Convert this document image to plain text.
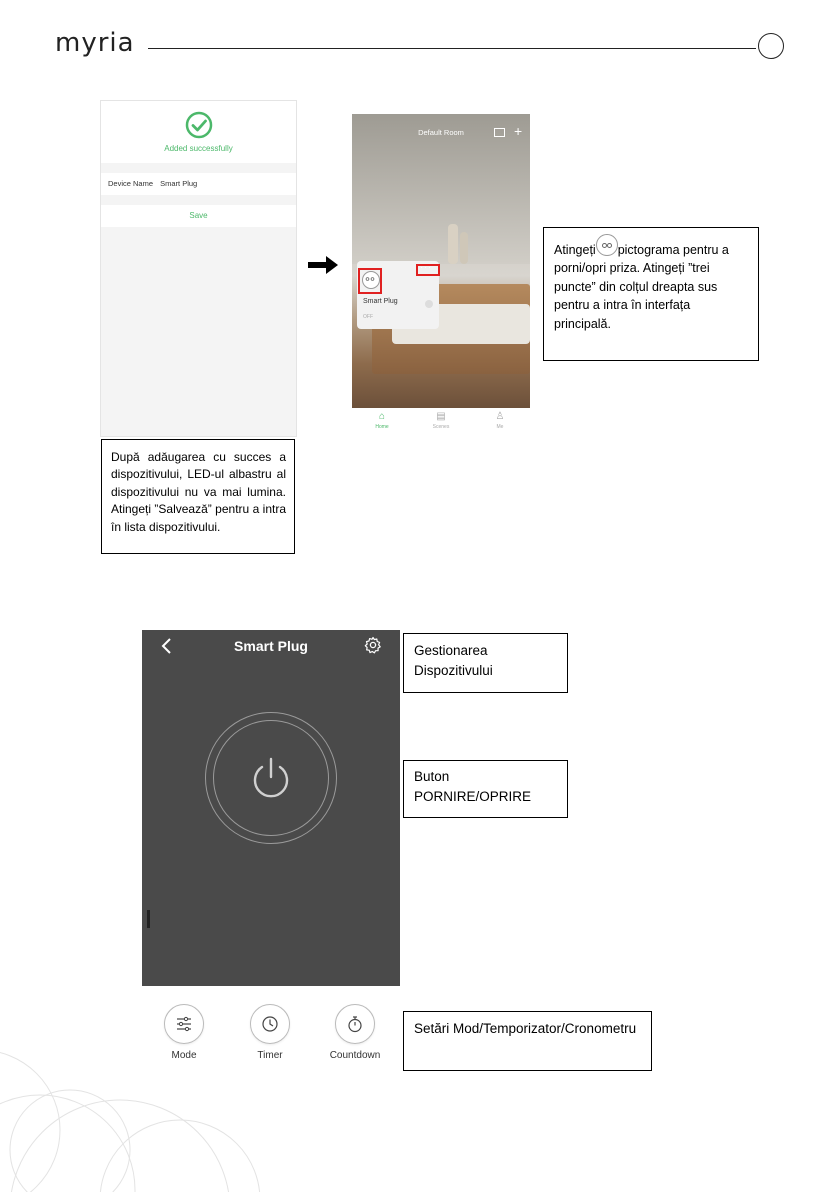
myria
Added successfully
Device Name Smart Plug
Save
Default Room	+
···
Smart Plug
OFF
⌂
Home
▤
Scenes
♙
Me
Atingeți pictograma pentru a porni/opri priza. Atingeți ”trei puncte” din colțul dreapta sus pentru a intra în interfața principală.
După adăugarea cu succes a dispozitivului, LED-ul albastru al dispozitivului nu va mai lumina. Atingeți ”Salvează” pentru a intra în lista dispozitivului.
Smart Plug	Gestionarea Dispozitivului
Buton PORNIRE/OPRIRE
Setări Mod/Temporizator/Cronometru
Mode	Timer	Countdown
